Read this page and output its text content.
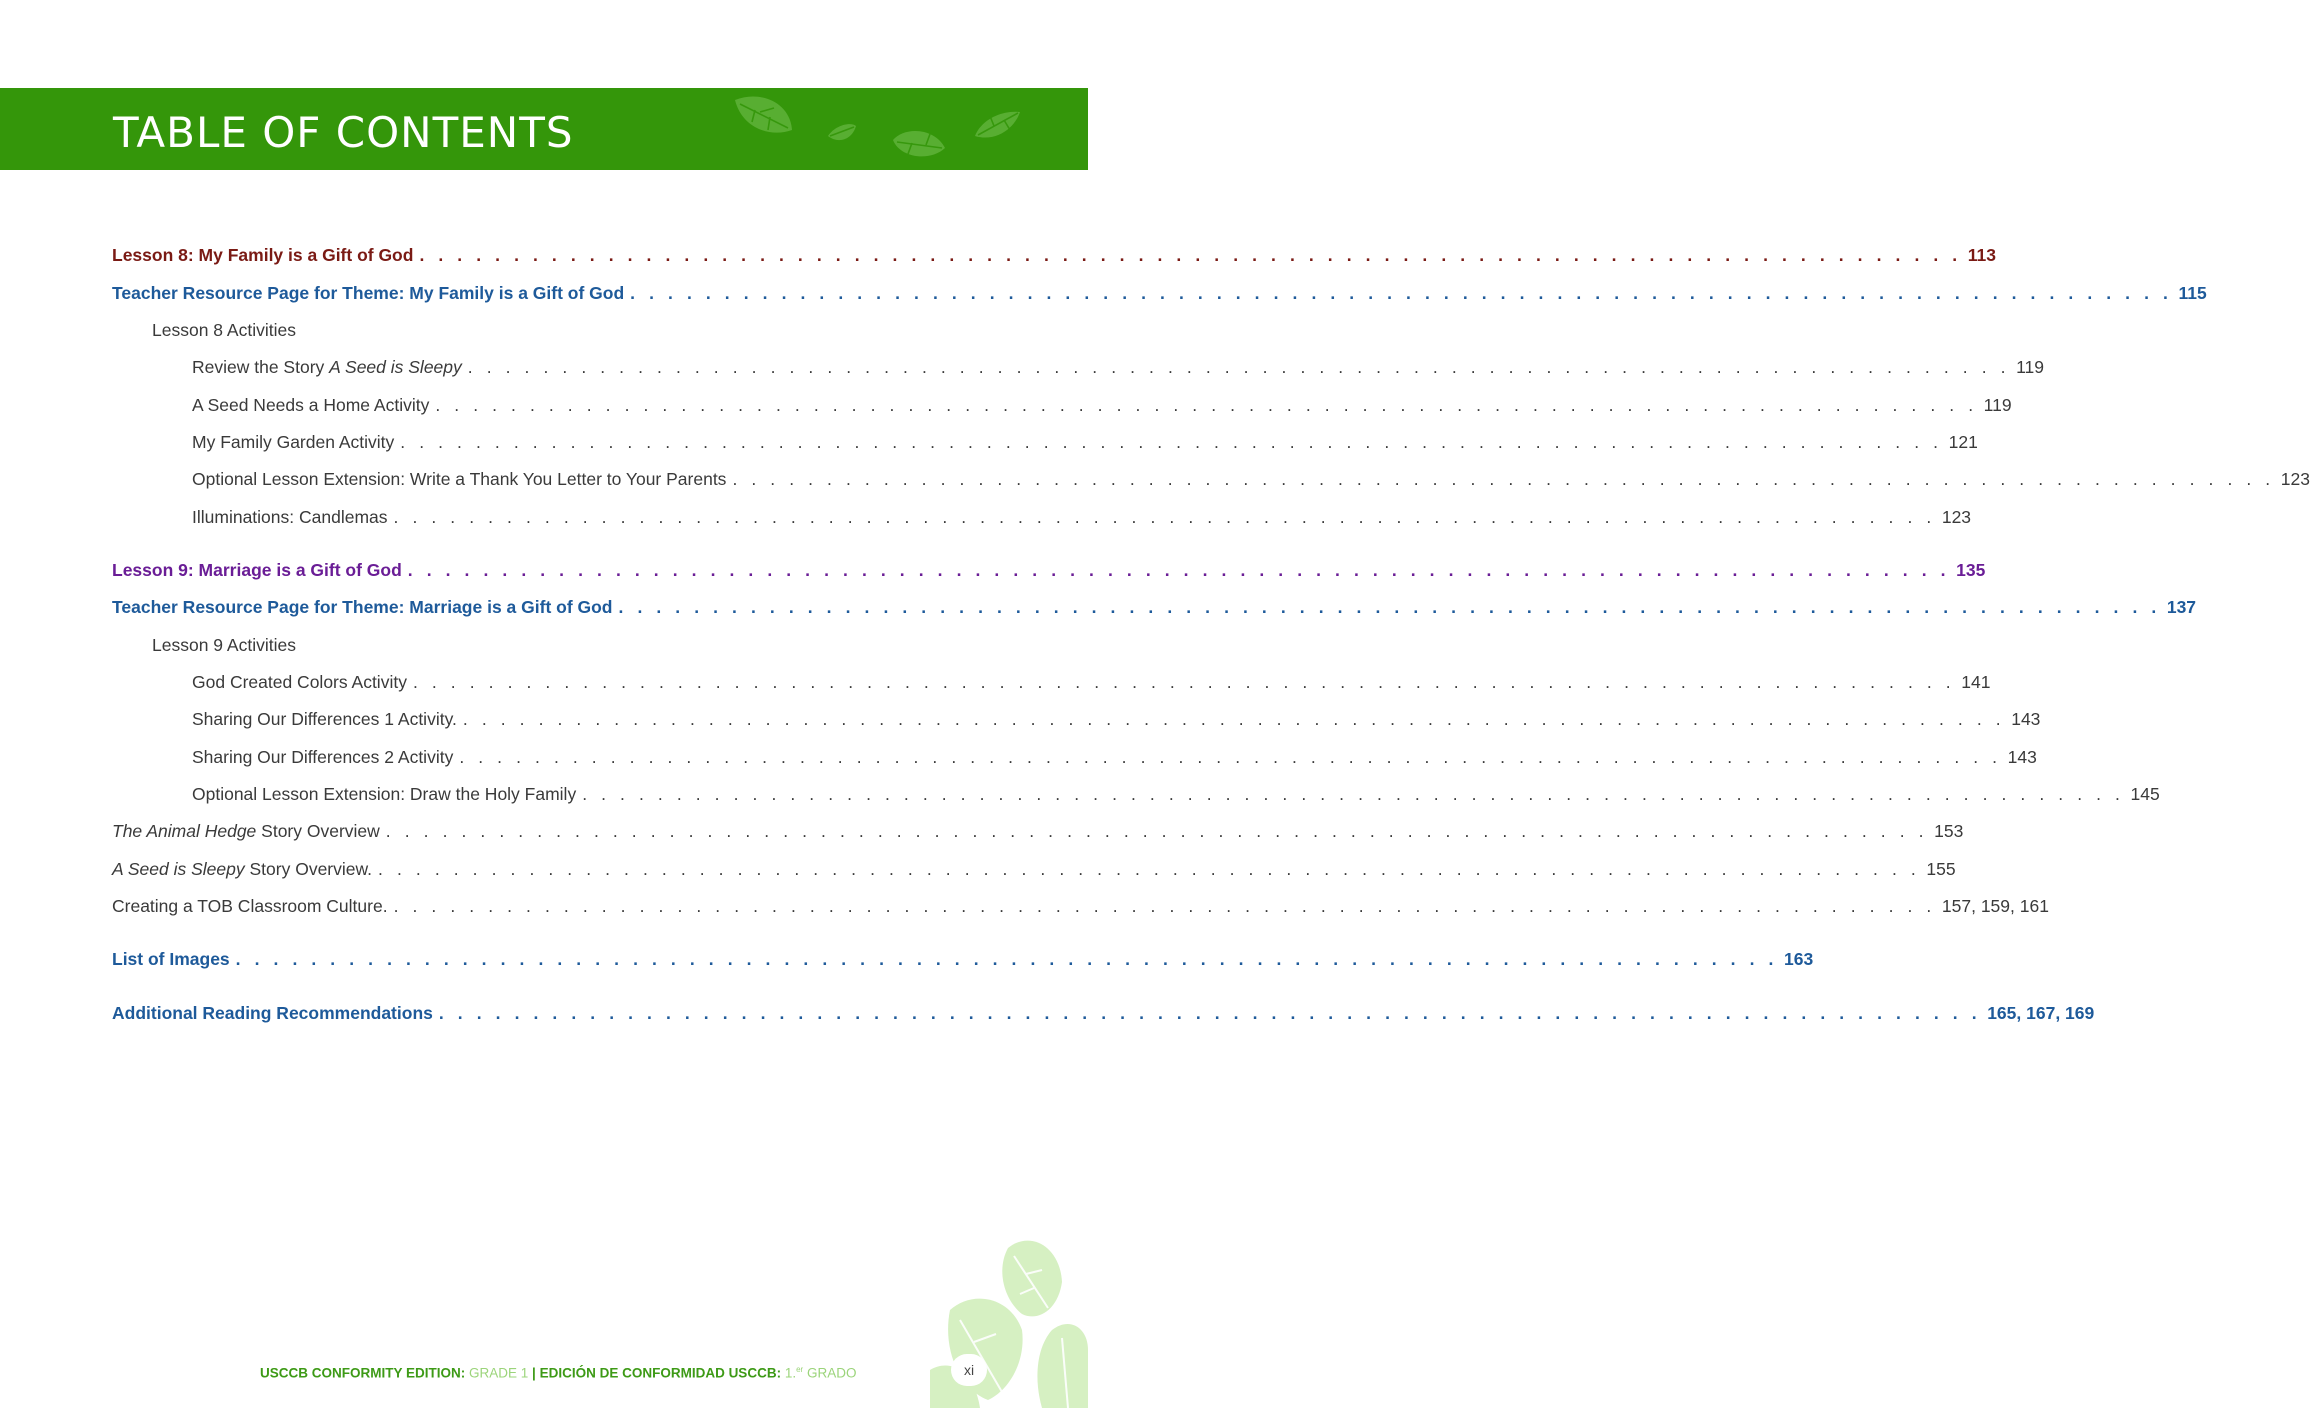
TABLE OF CONTENTS
Lesson 8: My Family is a Gift of God . . . . . . . . . . . . . . . . . . . . . . . . . . . . . . . . . . . . . . . . . . . . . . . . . . . . . . . . . . . . . . . . . . . . . . . . . . . . . . . . . . 113
Teacher Resource Page for Theme: My Family is a Gift of God . . . . . . . . . . . . . . . . . . . . . . . . . . . . . . . . . . . . . . . . . . . . . . . . . . . . . . . . . . . . . . . . . . . . . . . . . . . . . . . . . . 115
Lesson 8 Activities
Review the Story A Seed is Sleepy . . . . . . . . . . . . . . . . . . . . . . . . . . . . . . . . . . . . . . . . . . . . . . . . . . . . . . . . . . . . . . . . . . . . . . . . . . . . . . . . . . 119
A Seed Needs a Home Activity . . . . . . . . . . . . . . . . . . . . . . . . . . . . . . . . . . . . . . . . . . . . . . . . . . . . . . . . . . . . . . . . . . . . . . . . . . . . . . . . . . 119
My Family Garden Activity . . . . . . . . . . . . . . . . . . . . . . . . . . . . . . . . . . . . . . . . . . . . . . . . . . . . . . . . . . . . . . . . . . . . . . . . . . . . . . . . . . 121
Optional Lesson Extension: Write a Thank You Letter to Your Parents . . . . . . . . . . . . . . . . . . . . . . . . . . . . . . . . . . . . . . . . . . . . . . . . . . . . . . . . . . . . . . . . . . . . . . . . . . . . . . . . . . 123
Illuminations: Candlemas . . . . . . . . . . . . . . . . . . . . . . . . . . . . . . . . . . . . . . . . . . . . . . . . . . . . . . . . . . . . . . . . . . . . . . . . . . . . . . . . . . 123
Lesson 9: Marriage is a Gift of God . . . . . . . . . . . . . . . . . . . . . . . . . . . . . . . . . . . . . . . . . . . . . . . . . . . . . . . . . . . . . . . . . . . . . . . . . . . . . . . . . . 135
Teacher Resource Page for Theme: Marriage is a Gift of God . . . . . . . . . . . . . . . . . . . . . . . . . . . . . . . . . . . . . . . . . . . . . . . . . . . . . . . . . . . . . . . . . . . . . . . . . . . . . . . . . . 137
Lesson 9 Activities
God Created Colors Activity . . . . . . . . . . . . . . . . . . . . . . . . . . . . . . . . . . . . . . . . . . . . . . . . . . . . . . . . . . . . . . . . . . . . . . . . . . . . . . . . . . 141
Sharing Our Differences 1 Activity. . . . . . . . . . . . . . . . . . . . . . . . . . . . . . . . . . . . . . . . . . . . . . . . . . . . . . . . . . . . . . . . . . . . . . . . . . . . . . . . . . . 143
Sharing Our Differences 2 Activity . . . . . . . . . . . . . . . . . . . . . . . . . . . . . . . . . . . . . . . . . . . . . . . . . . . . . . . . . . . . . . . . . . . . . . . . . . . . . . . . . . 143
Optional Lesson Extension: Draw the Holy Family . . . . . . . . . . . . . . . . . . . . . . . . . . . . . . . . . . . . . . . . . . . . . . . . . . . . . . . . . . . . . . . . . . . . . . . . . . . . . . . . . . 145
The Animal Hedge Story Overview . . . . . . . . . . . . . . . . . . . . . . . . . . . . . . . . . . . . . . . . . . . . . . . . . . . . . . . . . . . . . . . . . . . . . . . . . . . . . . . . . . 153
A Seed is Sleepy Story Overview. . . . . . . . . . . . . . . . . . . . . . . . . . . . . . . . . . . . . . . . . . . . . . . . . . . . . . . . . . . . . . . . . . . . . . . . . . . . . . . . . . . 155
Creating a TOB Classroom Culture. . . . . . . . . . . . . . . . . . . . . . . . . . . . . . . . . . . . . . . . . . . . . . . . . . . . . . . . . . . . . . . . . . . . . . . . . . . . . . . . . . . 157, 159, 161
List of Images . . . . . . . . . . . . . . . . . . . . . . . . . . . . . . . . . . . . . . . . . . . . . . . . . . . . . . . . . . . . . . . . . . . . . . . . . . . . . . . . . . 163
Additional Reading Recommendations . . . . . . . . . . . . . . . . . . . . . . . . . . . . . . . . . . . . . . . . . . . . . . . . . . . . . . . . . . . . . . . . . . . . . . . . . . . . . . . . . . 165, 167, 169
USCCB CONFORMITY EDITION: GRADE 1 | EDICIÓN DE CONFORMIDAD USCCB: 1.$^{er}$ GRADO	xi
